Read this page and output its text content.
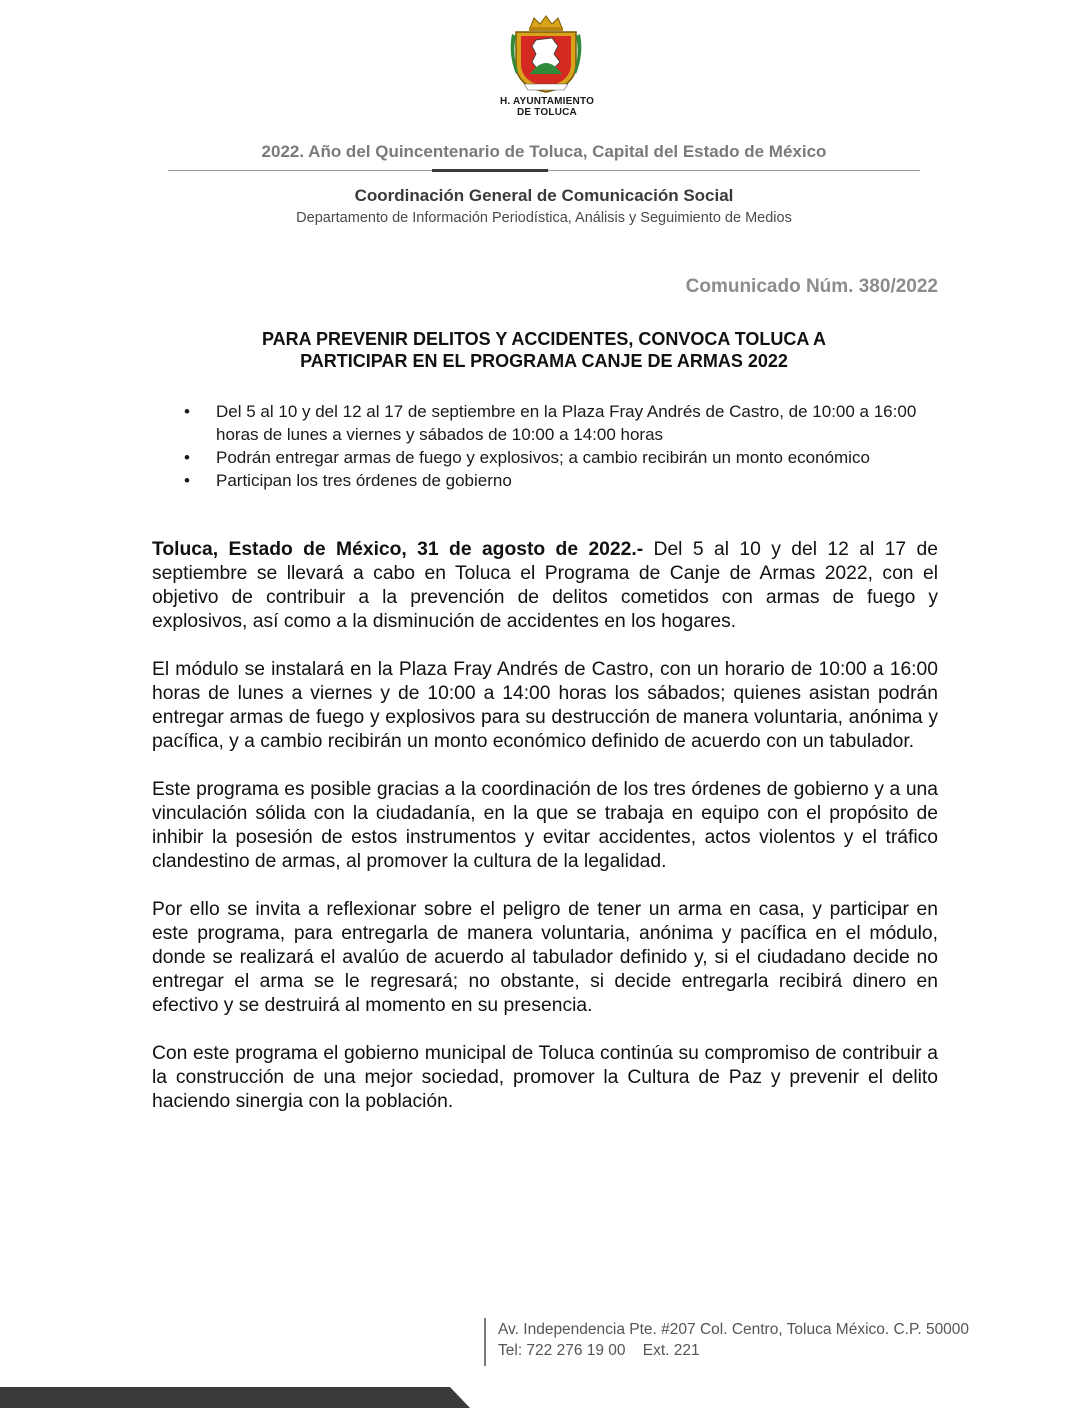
H. AYUNTAMIENTO
DE TOLUCA
2022. Año del Quincentenario de Toluca, Capital del Estado de México
Coordinación General de Comunicación Social
Departamento de Información Periodística, Análisis y Seguimiento de Medios
Comunicado Núm. 380/2022
PARA PREVENIR DELITOS Y ACCIDENTES, CONVOCA TOLUCA A
PARTICIPAR EN EL PROGRAMA CANJE DE ARMAS 2022
• Del 5 al 10 y del 12 al 17 de septiembre en la Plaza Fray Andrés de Castro, de 10:00 a 16:00 horas de lunes a viernes y sábados de 10:00 a 14:00 horas
• Podrán entregar armas de fuego y explosivos; a cambio recibirán un monto económico
• Participan los tres órdenes de gobierno

Toluca, Estado de México, 31 de agosto de 2022.- Del 5 al 10 y del 12 al 17 de septiembre se llevará a cabo en Toluca el Programa de Canje de Armas 2022, con el objetivo de contribuir a la prevención de delitos cometidos con armas de fuego y explosivos, así como a la disminución de accidentes en los hogares.

El módulo se instalará en la Plaza Fray Andrés de Castro, con un horario de 10:00 a 16:00 horas de lunes a viernes y de 10:00 a 14:00 horas los sábados; quienes asistan podrán entregar armas de fuego y explosivos para su destrucción de manera voluntaria, anónima y pacífica, y a cambio recibirán un monto económico definido de acuerdo con un tabulador.

Este programa es posible gracias a la coordinación de los tres órdenes de gobierno y a una vinculación sólida con la ciudadanía, en la que se trabaja en equipo con el propósito de inhibir la posesión de estos instrumentos y evitar accidentes, actos violentos y el tráfico clandestino de armas, al promover la cultura de la legalidad.

Por ello se invita a reflexionar sobre el peligro de tener un arma en casa, y participar en este programa, para entregarla de manera voluntaria, anónima y pacífica en el módulo, donde se realizará el avalúo de acuerdo al tabulador definido y, si el ciudadano decide no entregar el arma se le regresará; no obstante, si decide entregarla recibirá dinero en efectivo y se destruirá al momento en su presencia.

Con este programa el gobierno municipal de Toluca continúa su compromiso de contribuir a la construcción de una mejor sociedad, promover la Cultura de Paz y prevenir el delito haciendo sinergia con la población.

Av. Independencia Pte. #207 Col. Centro, Toluca México. C.P. 50000
Tel: 722 276 19 00    Ext. 221
